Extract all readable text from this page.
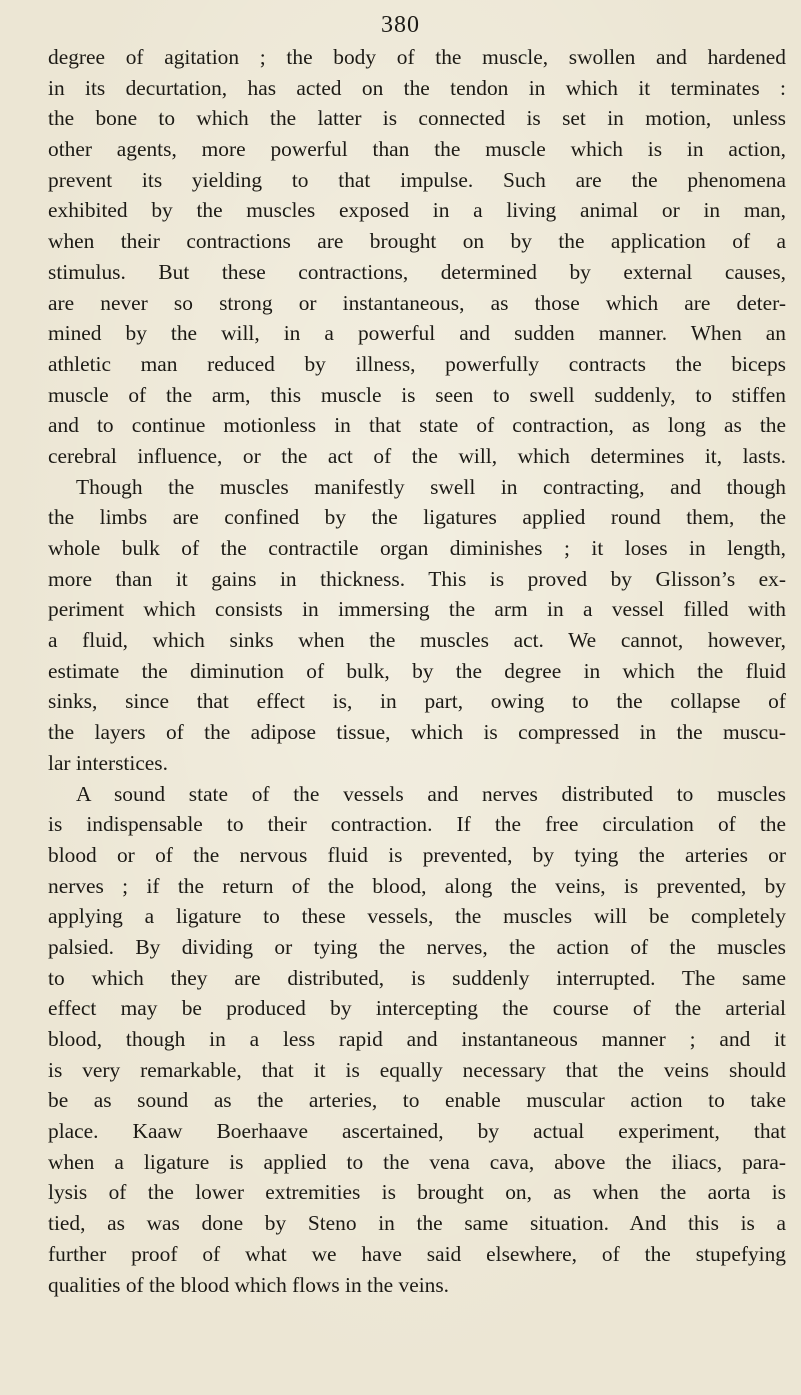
380
degree of agitation ; the body of the muscle, swollen and hardened
in its decurtation, has acted on the tendon in which it terminates :
the bone to which the latter is connected is set in motion, unless
other agents, more powerful than the muscle which is in action,
prevent its yielding to that impulse. Such are the phenomena
exhibited by the muscles exposed in a living animal or in man,
when their contractions are brought on by the application of a
stimulus. But these contractions, determined by external causes,
are never so strong or instantaneous, as those which are deter-
mined by the will, in a powerful and sudden manner. When an
athletic man reduced by illness, powerfully contracts the biceps
muscle of the arm, this muscle is seen to swell suddenly, to stiffen
and to continue motionless in that state of contraction, as long as the
cerebral influence, or the act of the will, which determines it, lasts.
Though the muscles manifestly swell in contracting, and though
the limbs are confined by the ligatures applied round them, the
whole bulk of the contractile organ diminishes ; it loses in length,
more than it gains in thickness. This is proved by Glisson’s ex-
periment which consists in immersing the arm in a vessel filled with
a fluid, which sinks when the muscles act. We cannot, however,
estimate the diminution of bulk, by the degree in which the fluid
sinks, since that effect is, in part, owing to the collapse of
the layers of the adipose tissue, which is compressed in the muscu-
lar interstices.
A sound state of the vessels and nerves distributed to muscles
is indispensable to their contraction. If the free circulation of the
blood or of the nervous fluid is prevented, by tying the arteries or
nerves ; if the return of the blood, along the veins, is prevented, by
applying a ligature to these vessels, the muscles will be completely
palsied. By dividing or tying the nerves, the action of the muscles
to which they are distributed, is suddenly interrupted. The same
effect may be produced by intercepting the course of the arterial
blood, though in a less rapid and instantaneous manner ; and it
is very remarkable, that it is equally necessary that the veins should
be as sound as the arteries, to enable muscular action to take
place. Kaaw Boerhaave ascertained, by actual experiment, that
when a ligature is applied to the vena cava, above the iliacs, para-
lysis of the lower extremities is brought on, as when the aorta is
tied, as was done by Steno in the same situation. And this is a
further proof of what we have said elsewhere, of the stupefying
qualities of the blood which flows in the veins.
